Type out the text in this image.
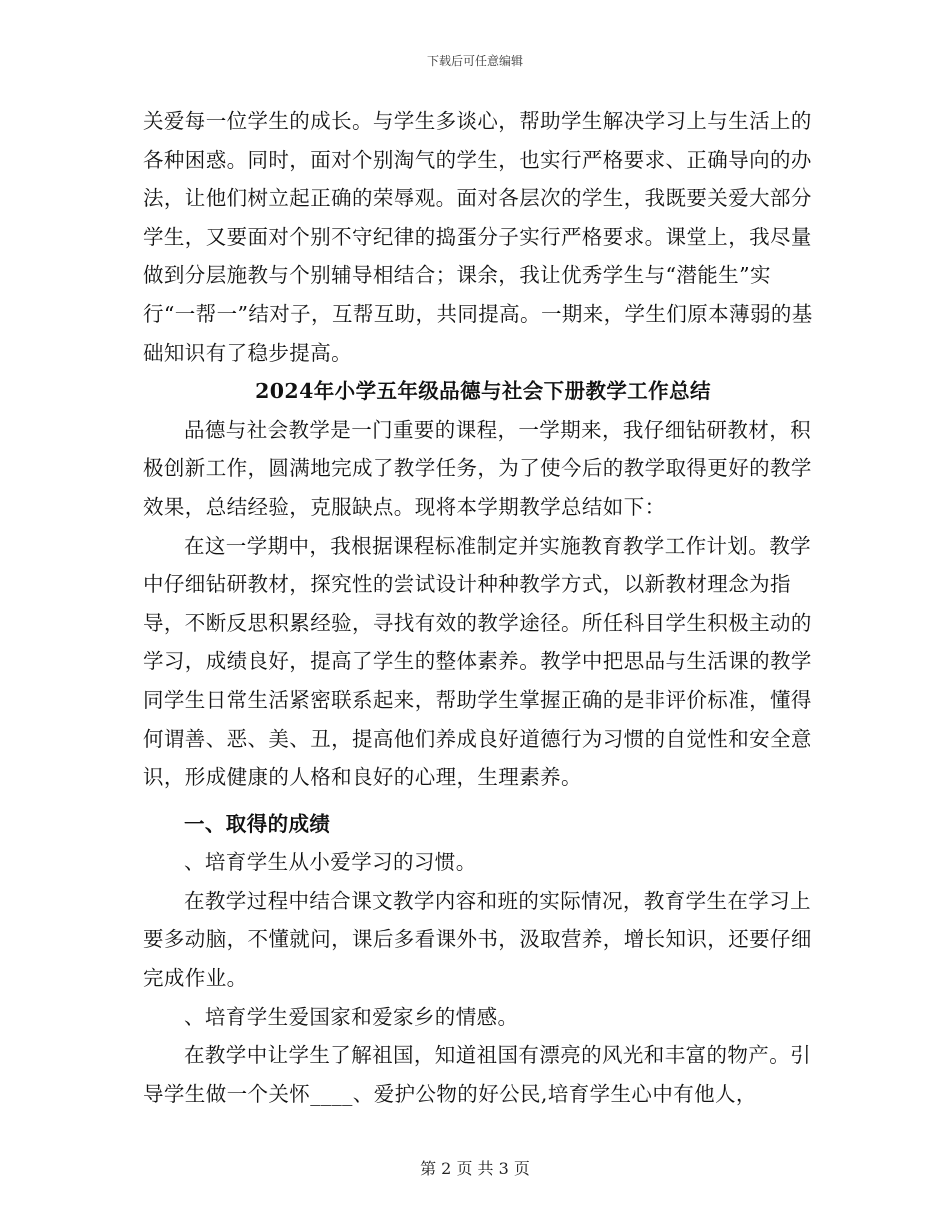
下载后可任意编辑

关爱每一位学生的成长。与学生多谈心，帮助学生解决学习上与生活上的各种困惑。同时，面对个别淘气的学生，也实行严格要求、正确导向的办法，让他们树立起正确的荣辱观。面对各层次的学生，我既要关爱大部分学生，又要面对个别不守纪律的捣蛋分子实行严格要求。课堂上，我尽量做到分层施教与个别辅导相结合；课余，我让优秀学生与“潜能生”实行“一帮一”结对子，互帮互助，共同提高。一期来，学生们原本薄弱的基础知识有了稳步提高。

2024年小学五年级品德与社会下册教学工作总结

品德与社会教学是一门重要的课程，一学期来，我仔细钻研教材，积极创新工作，圆满地完成了教学任务，为了使今后的教学取得更好的教学效果，总结经验，克服缺点。现将本学期教学总结如下：

在这一学期中，我根据课程标准制定并实施教育教学工作计划。教学中仔细钻研教材，探究性的尝试设计种种教学方式，以新教材理念为指导，不断反思积累经验，寻找有效的教学途径。所任科目学生积极主动的学习，成绩良好，提高了学生的整体素养。教学中把思品与生活课的教学同学生日常生活紧密联系起来，帮助学生掌握正确的是非评价标准，懂得何谓善、恶、美、丑，提高他们养成良好道德行为习惯的自觉性和安全意识，形成健康的人格和良好的心理，生理素养。

一、取得的成绩

、培育学生从小爱学习的习惯。

在教学过程中结合课文教学内容和班的实际情况，教育学生在学习上要多动脑，不懂就问，课后多看课外书，汲取营养，增长知识，还要仔细完成作业。

、培育学生爱国家和爱家乡的情感。

在教学中让学生了解祖国，知道祖国有漂亮的风光和丰富的物产。引导学生做一个关怀____、爱护公物的好公民,培育学生心中有他人，

第 2 页 共 3 页
